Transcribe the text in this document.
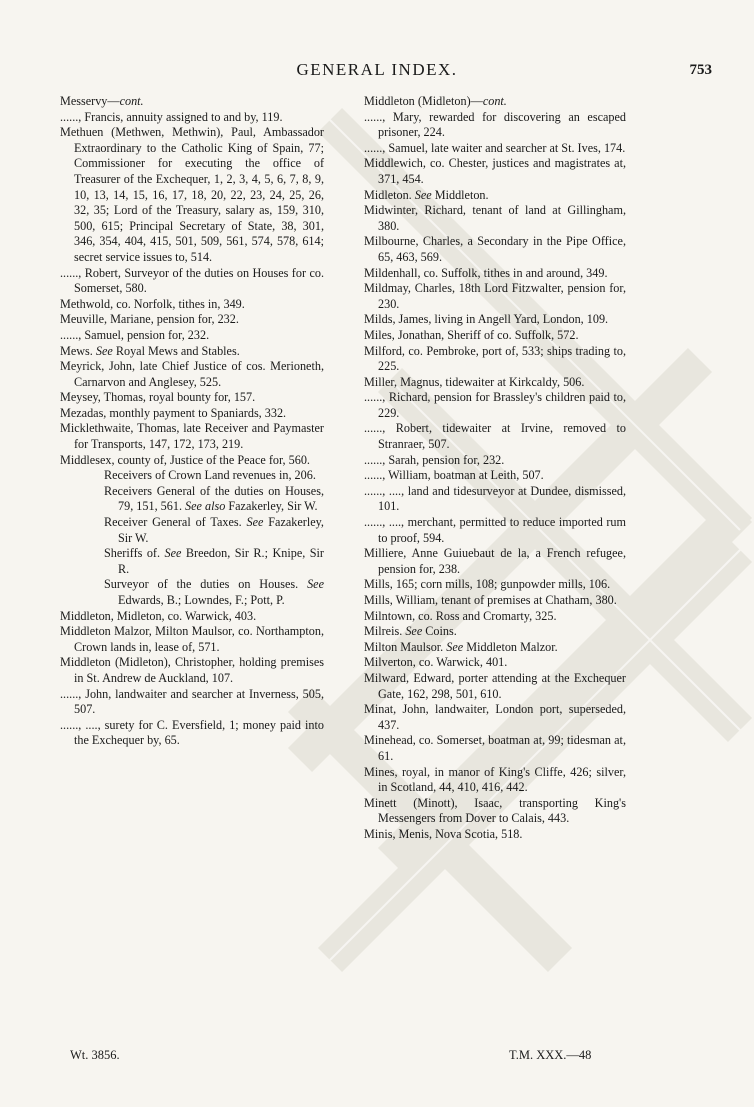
GENERAL INDEX.	753
Messervy—cont.
......, Francis, annuity assigned to and by, 119.
Methuen (Methwen, Methwin), Paul, Ambassador Extraordinary to the Catholic King of Spain, 77; Commissioner for executing the office of Treasurer of the Exchequer, 1, 2, 3, 4, 5, 6, 7, 8, 9, 10, 13, 14, 15, 16, 17, 18, 20, 22, 23, 24, 25, 26, 32, 35; Lord of the Treasury, salary as, 159, 310, 500, 615; Principal Secretary of State, 38, 301, 346, 354, 404, 415, 501, 509, 561, 574, 578, 614; secret service issues to, 514.
......, Robert, Surveyor of the duties on Houses for co. Somerset, 580.
Methwold, co. Norfolk, tithes in, 349.
Meuville, Mariane, pension for, 232.
......, Samuel, pension for, 232.
Mews. See Royal Mews and Stables.
Meyrick, John, late Chief Justice of cos. Merioneth, Carnarvon and Anglesey, 525.
Meysey, Thomas, royal bounty for, 157.
Mezadas, monthly payment to Spaniards, 332.
Micklethwaite, Thomas, late Receiver and Paymaster for Transports, 147, 172, 173, 219.
Middlesex, county of, Justice of the Peace for, 560.
Receivers of Crown Land revenues in, 206.
Receivers General of the duties on Houses, 79, 151, 561. See also Fazakerley, Sir W.
Receiver General of Taxes. See Fazakerley, Sir W.
Sheriffs of. See Breedon, Sir R.; Knipe, Sir R.
Surveyor of the duties on Houses. See Edwards, B.; Lowndes, F.; Pott, P.
Middleton, Midleton, co. Warwick, 403.
Middleton Malzor, Milton Maulsor, co. Northampton, Crown lands in, lease of, 571.
Middleton (Midleton), Christopher, holding premises in St. Andrew de Auckland, 107.
......, John, landwaiter and searcher at Inverness, 505, 507.
......, ...., surety for C. Eversfield, 1; money paid into the Exchequer by, 65.
Middleton (Midleton)—cont.
......, Mary, rewarded for discovering an escaped prisoner, 224.
......, Samuel, late waiter and searcher at St. Ives, 174.
Middlewich, co. Chester, justices and magistrates at, 371, 454.
Midleton. See Middleton.
Midwinter, Richard, tenant of land at Gillingham, 380.
Milbourne, Charles, a Secondary in the Pipe Office, 65, 463, 569.
Mildenhall, co. Suffolk, tithes in and around, 349.
Mildmay, Charles, 18th Lord Fitzwalter, pension for, 230.
Milds, James, living in Angell Yard, London, 109.
Miles, Jonathan, Sheriff of co. Suffolk, 572.
Milford, co. Pembroke, port of, 533; ships trading to, 225.
Miller, Magnus, tidewaiter at Kirkcaldy, 506.
......, Richard, pension for Brassley's children paid to, 229.
......, Robert, tidewaiter at Irvine, removed to Stranraer, 507.
......, Sarah, pension for, 232.
......, William, boatman at Leith, 507.
......, ...., land and tidesurveyor at Dundee, dismissed, 101.
......, ...., merchant, permitted to reduce imported rum to proof, 594.
Milliere, Anne Guiuebaut de la, a French refugee, pension for, 238.
Mills, 165; corn mills, 108; gunpowder mills, 106.
Mills, William, tenant of premises at Chatham, 380.
Milntown, co. Ross and Cromarty, 325.
Milreis. See Coins.
Milton Maulsor. See Middleton Malzor.
Milverton, co. Warwick, 401.
Milward, Edward, porter attending at the Exchequer Gate, 162, 298, 501, 610.
Minat, John, landwaiter, London port, superseded, 437.
Minehead, co. Somerset, boatman at, 99; tidesman at, 61.
Mines, royal, in manor of King's Cliffe, 426; silver, in Scotland, 44, 410, 416, 442.
Minett (Minott), Isaac, transporting King's Messengers from Dover to Calais, 443.
Minis, Menis, Nova Scotia, 518.
Wt. 3856.	T.M. XXX.—48
